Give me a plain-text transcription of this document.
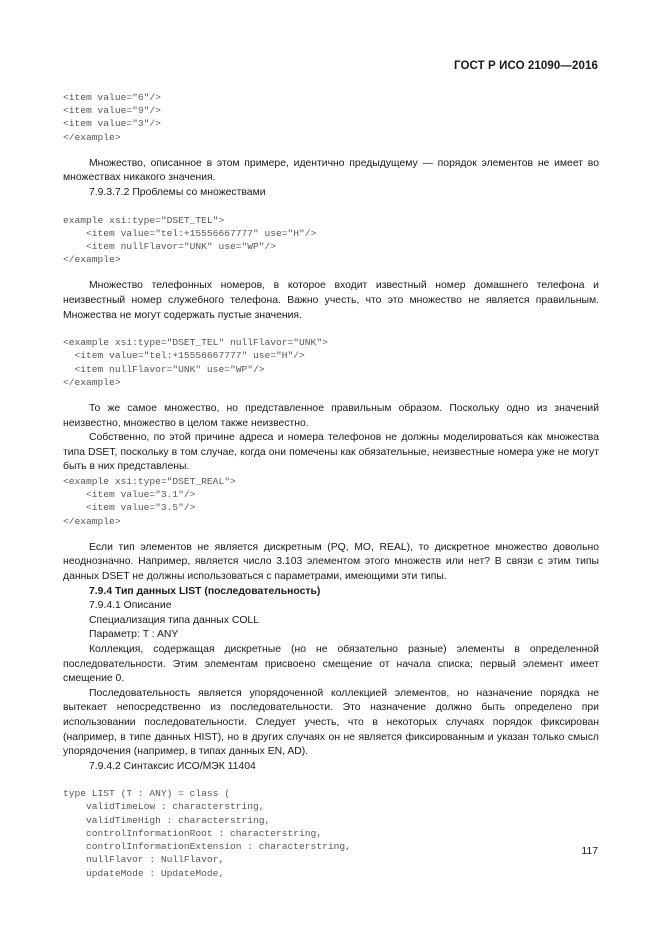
ГОСТ Р ИСО 21090—2016
<item value="6"/>
<item value="9"/>
<item value="3"/>
</example>

Множество, описанное в этом примере, идентично предыдущему — порядок элементов не имеет во множествах никакого значения.

7.9.3.7.2 Проблемы со множествами

example xsi:type="DSET_TEL">
<item value="tel:+15556667777" use="H"/>
<item nullFlavor="UNK" use="WP"/>
</example>

Множество телефонных номеров, в которое входит известный номер домашнего телефона и неизвестный номер служебного телефона. Важно учесть, что это множество не является правильным. Множества не могут содержать пустые значения.

<example xsi:type="DSET_TEL" nullFlavor="UNK">
<item value="tel:+15556667777" use="H"/>
<item nullFlavor="UNK" use="WP"/>
</example>

То же самое множество, но представленное правильным образом. Поскольку одно из значений неизвестно, множество в целом также неизвестно.

Собственно, по этой причине адреса и номера телефонов не должны моделироваться как множества типа DSET, поскольку в том случае, когда они помечены как обязательные, неизвестные номера уже не могут быть в них представлены.

<example xsi:type="DSET_REAL">
<item value="3.1"/>
<item value="3.5"/>
</example>

Если тип элементов не является дискретным (PQ, MO, REAL), то дискретное множество довольно неоднозначно. Например, является число 3.103 элементом этого множеств или нет? В связи с этим типы данных DSET не должны использоваться с параметрами, имеющими эти типы.

7.9.4 Тип данных LIST (последовательность)

7.9.4.1 Описание

Специализация типа данных COLL

Параметр: T : ANY

Коллекция, содержащая дискретные (но не обязательно разные) элементы в определенной последовательности. Этим элементам присвоено смещение от начала списка; первый элемент имеет смещение 0.

Последовательность является упорядоченной коллекцией элементов, но назначение порядка не вытекает непосредственно из последовательности. Это назначение должно быть определено при использовании последовательности. Следует учесть, что в некоторых случаях порядок фиксирован (например, в типе данных HIST), но в других случаях он не является фиксированным и указан только смысл упорядочения (например, в типах данных EN, AD).

7.9.4.2 Синтаксис ИСО/МЭК 11404

type LIST (T : ANY) = class (
validTimeLow : characterstring,
validTimeHigh : characterstring,
controlInformationRoot : characterstring,
controlInformationExtension : characterstring,
nullFlavor : NullFlavor,
updateMode : UpdateMode,
117
